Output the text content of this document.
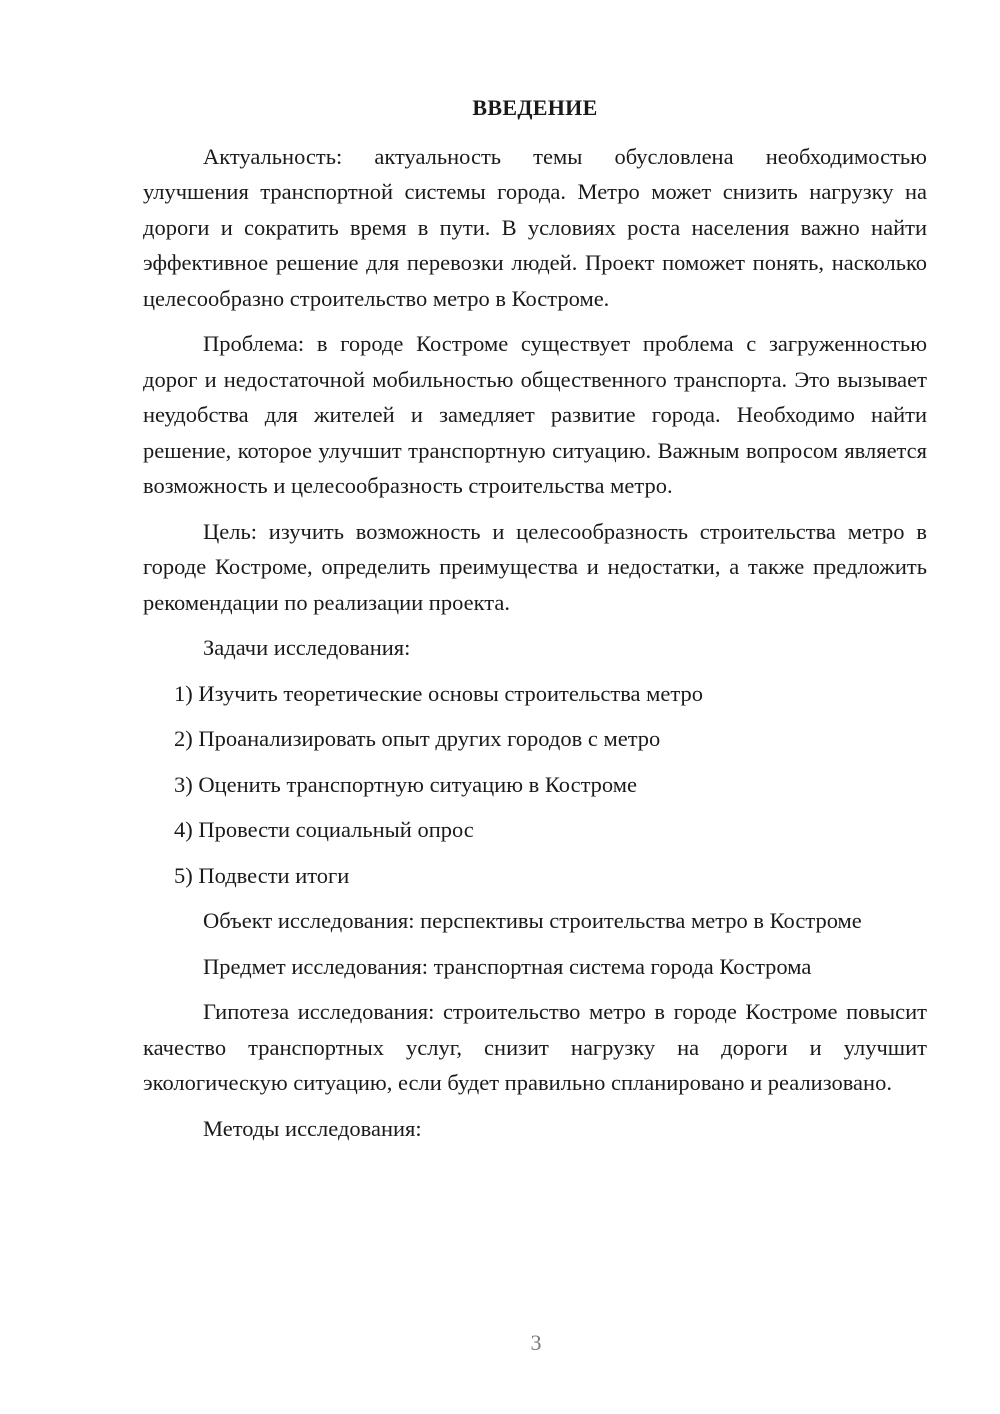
ВВЕДЕНИЕ
Актуальность: актуальность темы обусловлена необходимостью улучшения транспортной системы города. Метро может снизить нагрузку на дороги и сократить время в пути. В условиях роста населения важно найти эффективное решение для перевозки людей. Проект поможет понять, насколько целесообразно строительство метро в Костроме.
Проблема: в городе Костроме существует проблема с загруженностью дорог и недостаточной мобильностью общественного транспорта. Это вызывает неудобства для жителей и замедляет развитие города. Необходимо найти решение, которое улучшит транспортную ситуацию. Важным вопросом является возможность и целесообразность строительства метро.
Цель: изучить возможность и целесообразность строительства метро в городе Костроме, определить преимущества и недостатки, а также предложить рекомендации по реализации проекта.
Задачи исследования:
1) Изучить теоретические основы строительства метро
2) Проанализировать опыт других городов с метро
3) Оценить транспортную ситуацию в Костроме
4) Провести социальный опрос
5) Подвести итоги
Объект исследования: перспективы строительства метро в Костроме
Предмет исследования: транспортная система города Кострома
Гипотеза исследования: строительство метро в городе Костроме повысит качество транспортных услуг, снизит нагрузку на дороги и улучшит экологическую ситуацию, если будет правильно спланировано и реализовано.
Методы исследования:
3
